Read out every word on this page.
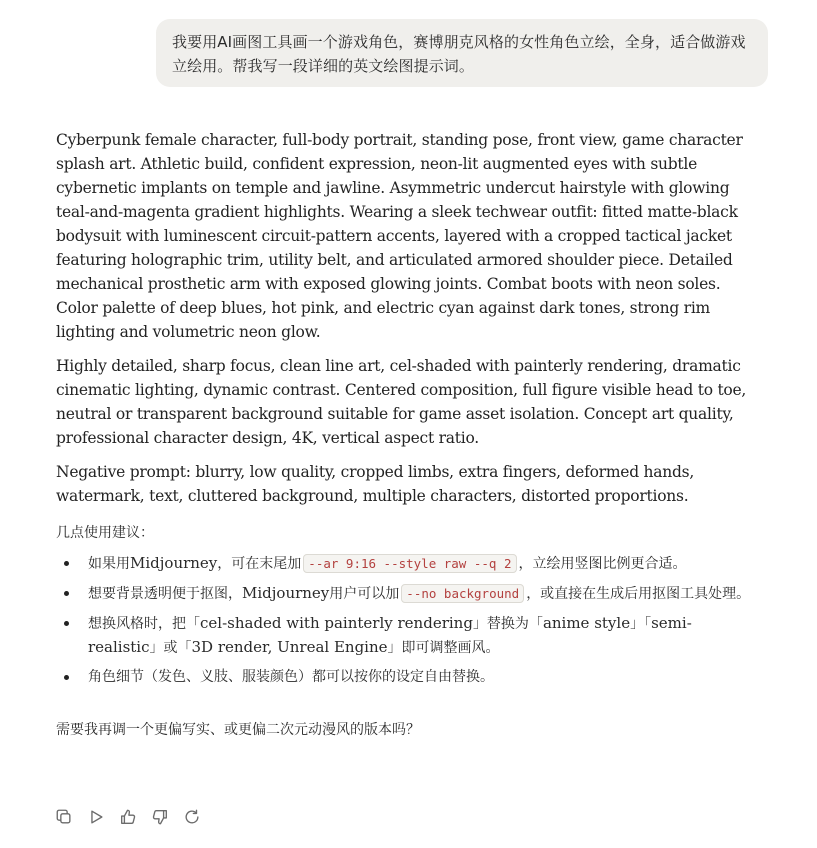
我要用AI画图工具画一个游戏角色，赛博朋克风格的女性角色立绘，全身，适合做游戏立绘用。帮我写一段详细的英文绘图提示词。

Cyberpunk female character, full-body portrait, standing pose, front view, game character splash art. Athletic build, confident expression, neon-lit augmented eyes with subtle cybernetic implants on temple and jawline. Asymmetric undercut hairstyle with glowing teal-and-magenta gradient highlights. Wearing a sleek techwear outfit: fitted matte-black bodysuit with luminescent circuit-pattern accents, layered with a cropped tactical jacket featuring holographic trim, utility belt, and articulated armored shoulder piece. Detailed mechanical prosthetic arm with exposed glowing joints. Combat boots with neon soles. Color palette of deep blues, hot pink, and electric cyan against dark tones, strong rim lighting and volumetric neon glow.

Highly detailed, sharp focus, clean line art, cel-shaded with painterly rendering, dramatic cinematic lighting, dynamic contrast. Centered composition, full figure visible head to toe, neutral or transparent background suitable for game asset isolation. Concept art quality, professional character design, 4K, vertical aspect ratio.

Negative prompt: blurry, low quality, cropped limbs, extra fingers, deformed hands, watermark, text, cluttered background, multiple characters, distorted proportions.

几点使用建议：
如果用Midjourney，可在末尾加 --ar 9:16 --style raw --q 2 ，立绘用竖图比例更合适。
想要背景透明便于抠图，Midjourney用户可以加 --no background ，或直接在生成后用抠图工具处理。
想换风格时，把「cel-shaded with painterly rendering」替换为「anime style」「semi-realistic」或「3D render, Unreal Engine」即可调整画风。
角色细节（发色、义肢、服装颜色）都可以按你的设定自由替换。

需要我再调一个更偏写实、或更偏二次元动漫风的版本吗？
